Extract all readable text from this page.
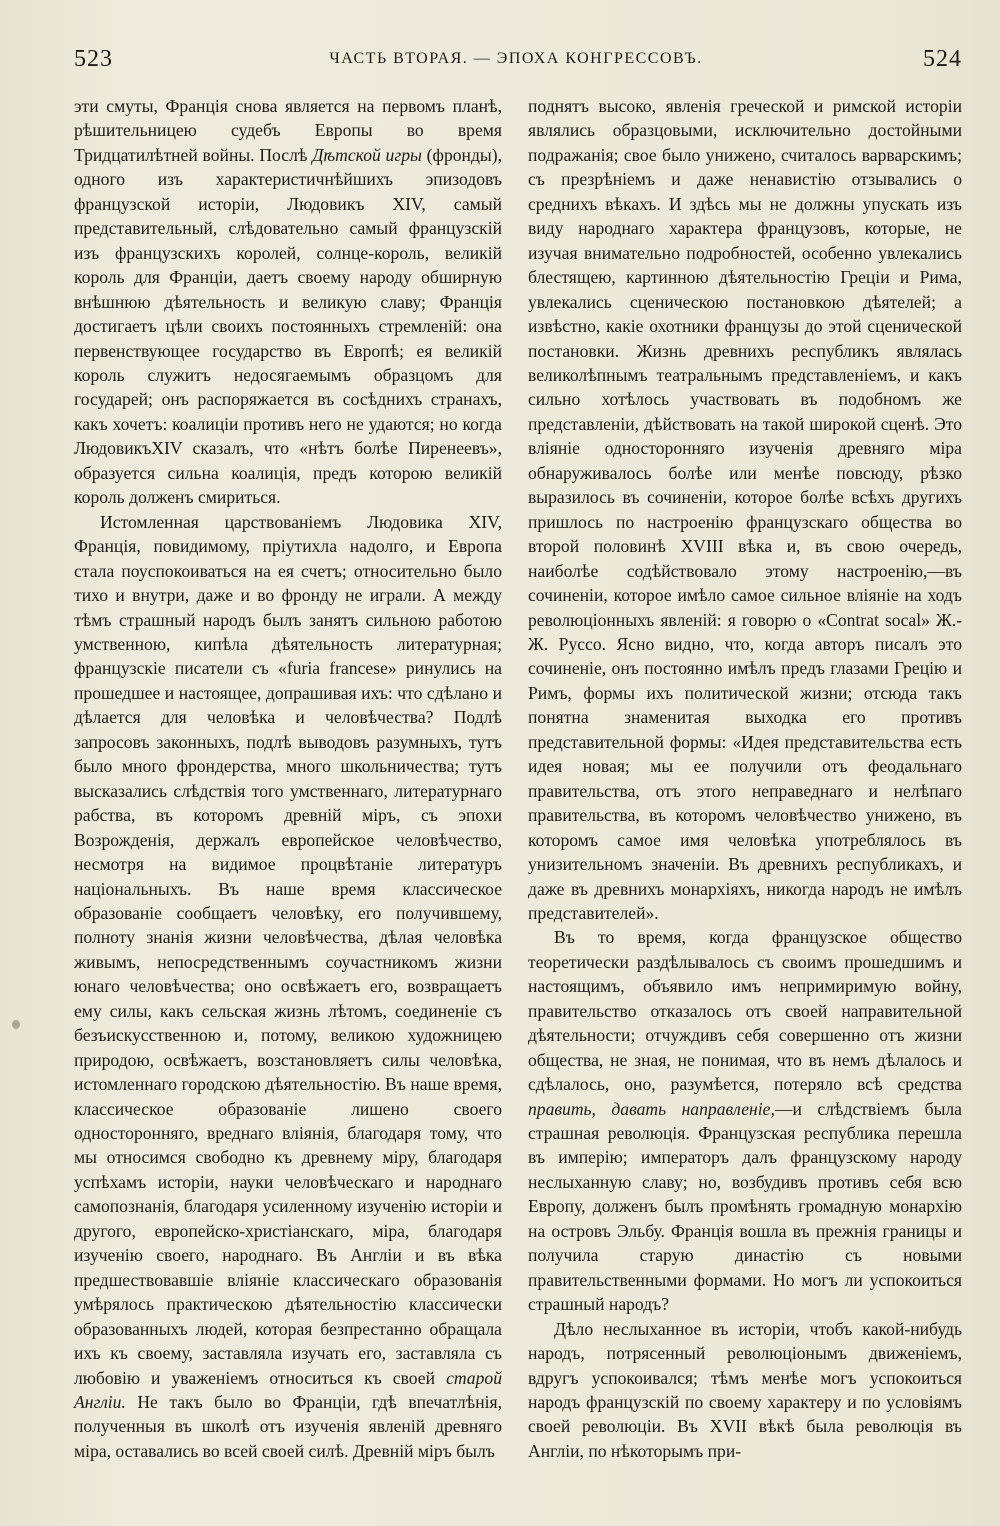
523	ЧАСТЬ ВТОРАЯ. — ЭПОХА КОНГРЕССОВЪ.	524

эти смуты, Франція снова является на первомъ планѣ, рѣшительницею судебъ Европы во время Тридцатилѣтней войны. Послѣ Дѣтской игры (фронды), одного изъ характеристичнѣйшихъ эпизодовъ французской исторіи, Людовикъ XIV, самый представительный, слѣдовательно самый французскій изъ французскихъ королей, солнце-король, великій король для Франціи, даетъ своему народу обширную внѣшнюю дѣятельность и великую славу; Франція достигаетъ цѣли своихъ постоянныхъ стремленій: она первенствующее государство въ Европѣ; ея великій король служитъ недосягаемымъ образцомъ для государей; онъ распоряжается въ сосѣднихъ странахъ, какъ хочетъ: коалиціи противъ него не удаются; но когда ЛюдовикъXIV сказалъ, что «нѣтъ болѣе Пиренеевъ», образуется сильна коалиція, предъ которою великій король долженъ смириться.

Истомленная царствованіемъ Людовика XIV, Франція, повидимому, пріутихла надолго, и Европа стала поуспокоиваться на ея счетъ; относительно было тихо и внутри, даже и во фронду не играли. А между тѣмъ страшный народъ былъ занятъ сильною работою умственною, кипѣла дѣятельность литературная; французскіе писатели съ «furia francese» ринулись на прошедшее и настоящее, допрашивая ихъ: что сдѣлано и дѣлается для человѣка и человѣчества? Подлѣ запросовъ законныхъ, подлѣ выводовъ разумныхъ, тутъ было много фрондерства, много школьничества; тутъ высказались слѣдствія того умственнаго, литературнаго рабства, въ которомъ древній міръ, съ эпохи Возрожденія, держалъ европейское человѣчество, несмотря на видимое процвѣтаніе литературъ національныхъ. Въ наше время классическое образованіе сообщаетъ человѣку, его получившему, полноту знанія жизни человѣчества, дѣлая человѣка живымъ, непосредственнымъ соучастникомъ жизни юнаго человѣчества; оно освѣжаетъ его, возвращаетъ ему силы, какъ сельская жизнь лѣтомъ, соединеніе съ безъискусственною и, потому, великою художницею природою, освѣжаетъ, возстановляетъ силы человѣка, истомленнаго городскою дѣятельностію. Въ наше время, классическое образованіе лишено своего односторонняго, вреднаго вліянія, благодаря тому, что мы относимся свободно къ древнему міру, благодаря успѣхамъ исторіи, науки человѣческаго и народнаго самопознанія, благодаря усиленному изученію исторіи и другого, европейско-христіанскаго, міра, благодаря изученію своего, народнаго. Въ Англіи и въ вѣка предшествовавшіе вліяніе классическаго образованія умѣрялось практическою дѣятельностію классически образованныхъ людей, которая безпрестанно обращала ихъ къ своему, заставляла изучать его, заставляла съ любовію и уваженіемъ относиться къ своей старой Англіи. Не такъ было во Франціи, гдѣ впечатлѣнія, полученныя въ школѣ отъ изученія явленій древняго міра, оставались во всей своей силѣ. Древній міръ былъ

поднятъ высоко, явленія греческой и римской исторіи являлись образцовыми, исключительно достойными подражанія; свое было унижено, считалось варварскимъ; съ презрѣніемъ и даже ненавистію отзывались о среднихъ вѣкахъ. И здѣсь мы не должны упускать изъ виду народнаго характера французовъ, которые, не изучая внимательно подробностей, особенно увлекались блестящею, картинною дѣятельностію Греціи и Рима, увлекались сценическою постановкою дѣятелей; а извѣстно, какіе охотники французы до этой сценической постановки. Жизнь древнихъ республикъ являлась великолѣпнымъ театральнымъ представленіемъ, и какъ сильно хотѣлось участвовать въ подобномъ же представленіи, дѣйствовать на такой широкой сценѣ. Это вліяніе односторонняго изученія древняго міра обнаруживалось болѣе или менѣе повсюду, рѣзко выразилось въ сочиненіи, которое болѣе всѣхъ другихъ пришлось по настроенію французскаго общества во второй половинѣ XVIII вѣка и, въ свою очередь, наиболѣе содѣйствовало этому настроенію,—въ сочиненіи, которое имѣло самое сильное вліяніе на ходъ революціонныхъ явленій: я говорю о «Contrat socal» Ж.-Ж. Руссо. Ясно видно, что, когда авторъ писалъ это сочиненіе, онъ постоянно имѣлъ предъ глазами Грецію и Римъ, формы ихъ политической жизни; отсюда такъ понятна знаменитая выходка его противъ представительной формы: «Идея представительства есть идея новая; мы ее получили отъ феодальнаго правительства, отъ этого неправеднаго и нелѣпаго правительства, въ которомъ человѣчество унижено, въ которомъ самое имя человѣка употреблялось въ унизительномъ значеніи. Въ древнихъ республикахъ, и даже въ древнихъ монархіяхъ, никогда народъ не имѣлъ представителей».

Въ то время, когда французское общество теоретически раздѣлывалось съ своимъ прошедшимъ и настоящимъ, объявило имъ непримиримую войну, правительство отказалось отъ своей направительной дѣятельности; отчуждивъ себя совершенно отъ жизни общества, не зная, не понимая, что въ немъ дѣлалось и сдѣлалось, оно, разумѣется, потеряло всѣ средства править, давать направленіе,—и слѣдствіемъ была страшная революція. Французская республика перешла въ имперію; императоръ далъ французскому народу неслыханную славу; но, возбудивъ противъ себя всю Европу, долженъ былъ промѣнять громадную монархію на островъ Эльбу. Франція вошла въ прежнія границы и получила старую династію съ новыми правительственными формами. Но могъ ли успокоиться страшный народъ?

Дѣло неслыханное въ исторіи, чтобъ какой-нибудь народъ, потрясенный революціонымъ движеніемъ, вдругъ успокоивался; тѣмъ менѣе могъ успокоиться народъ французскій по своему характеру и по условіямъ своей революціи. Въ XVII вѣкѣ была революція въ Англіи, по нѣкоторымъ при-
